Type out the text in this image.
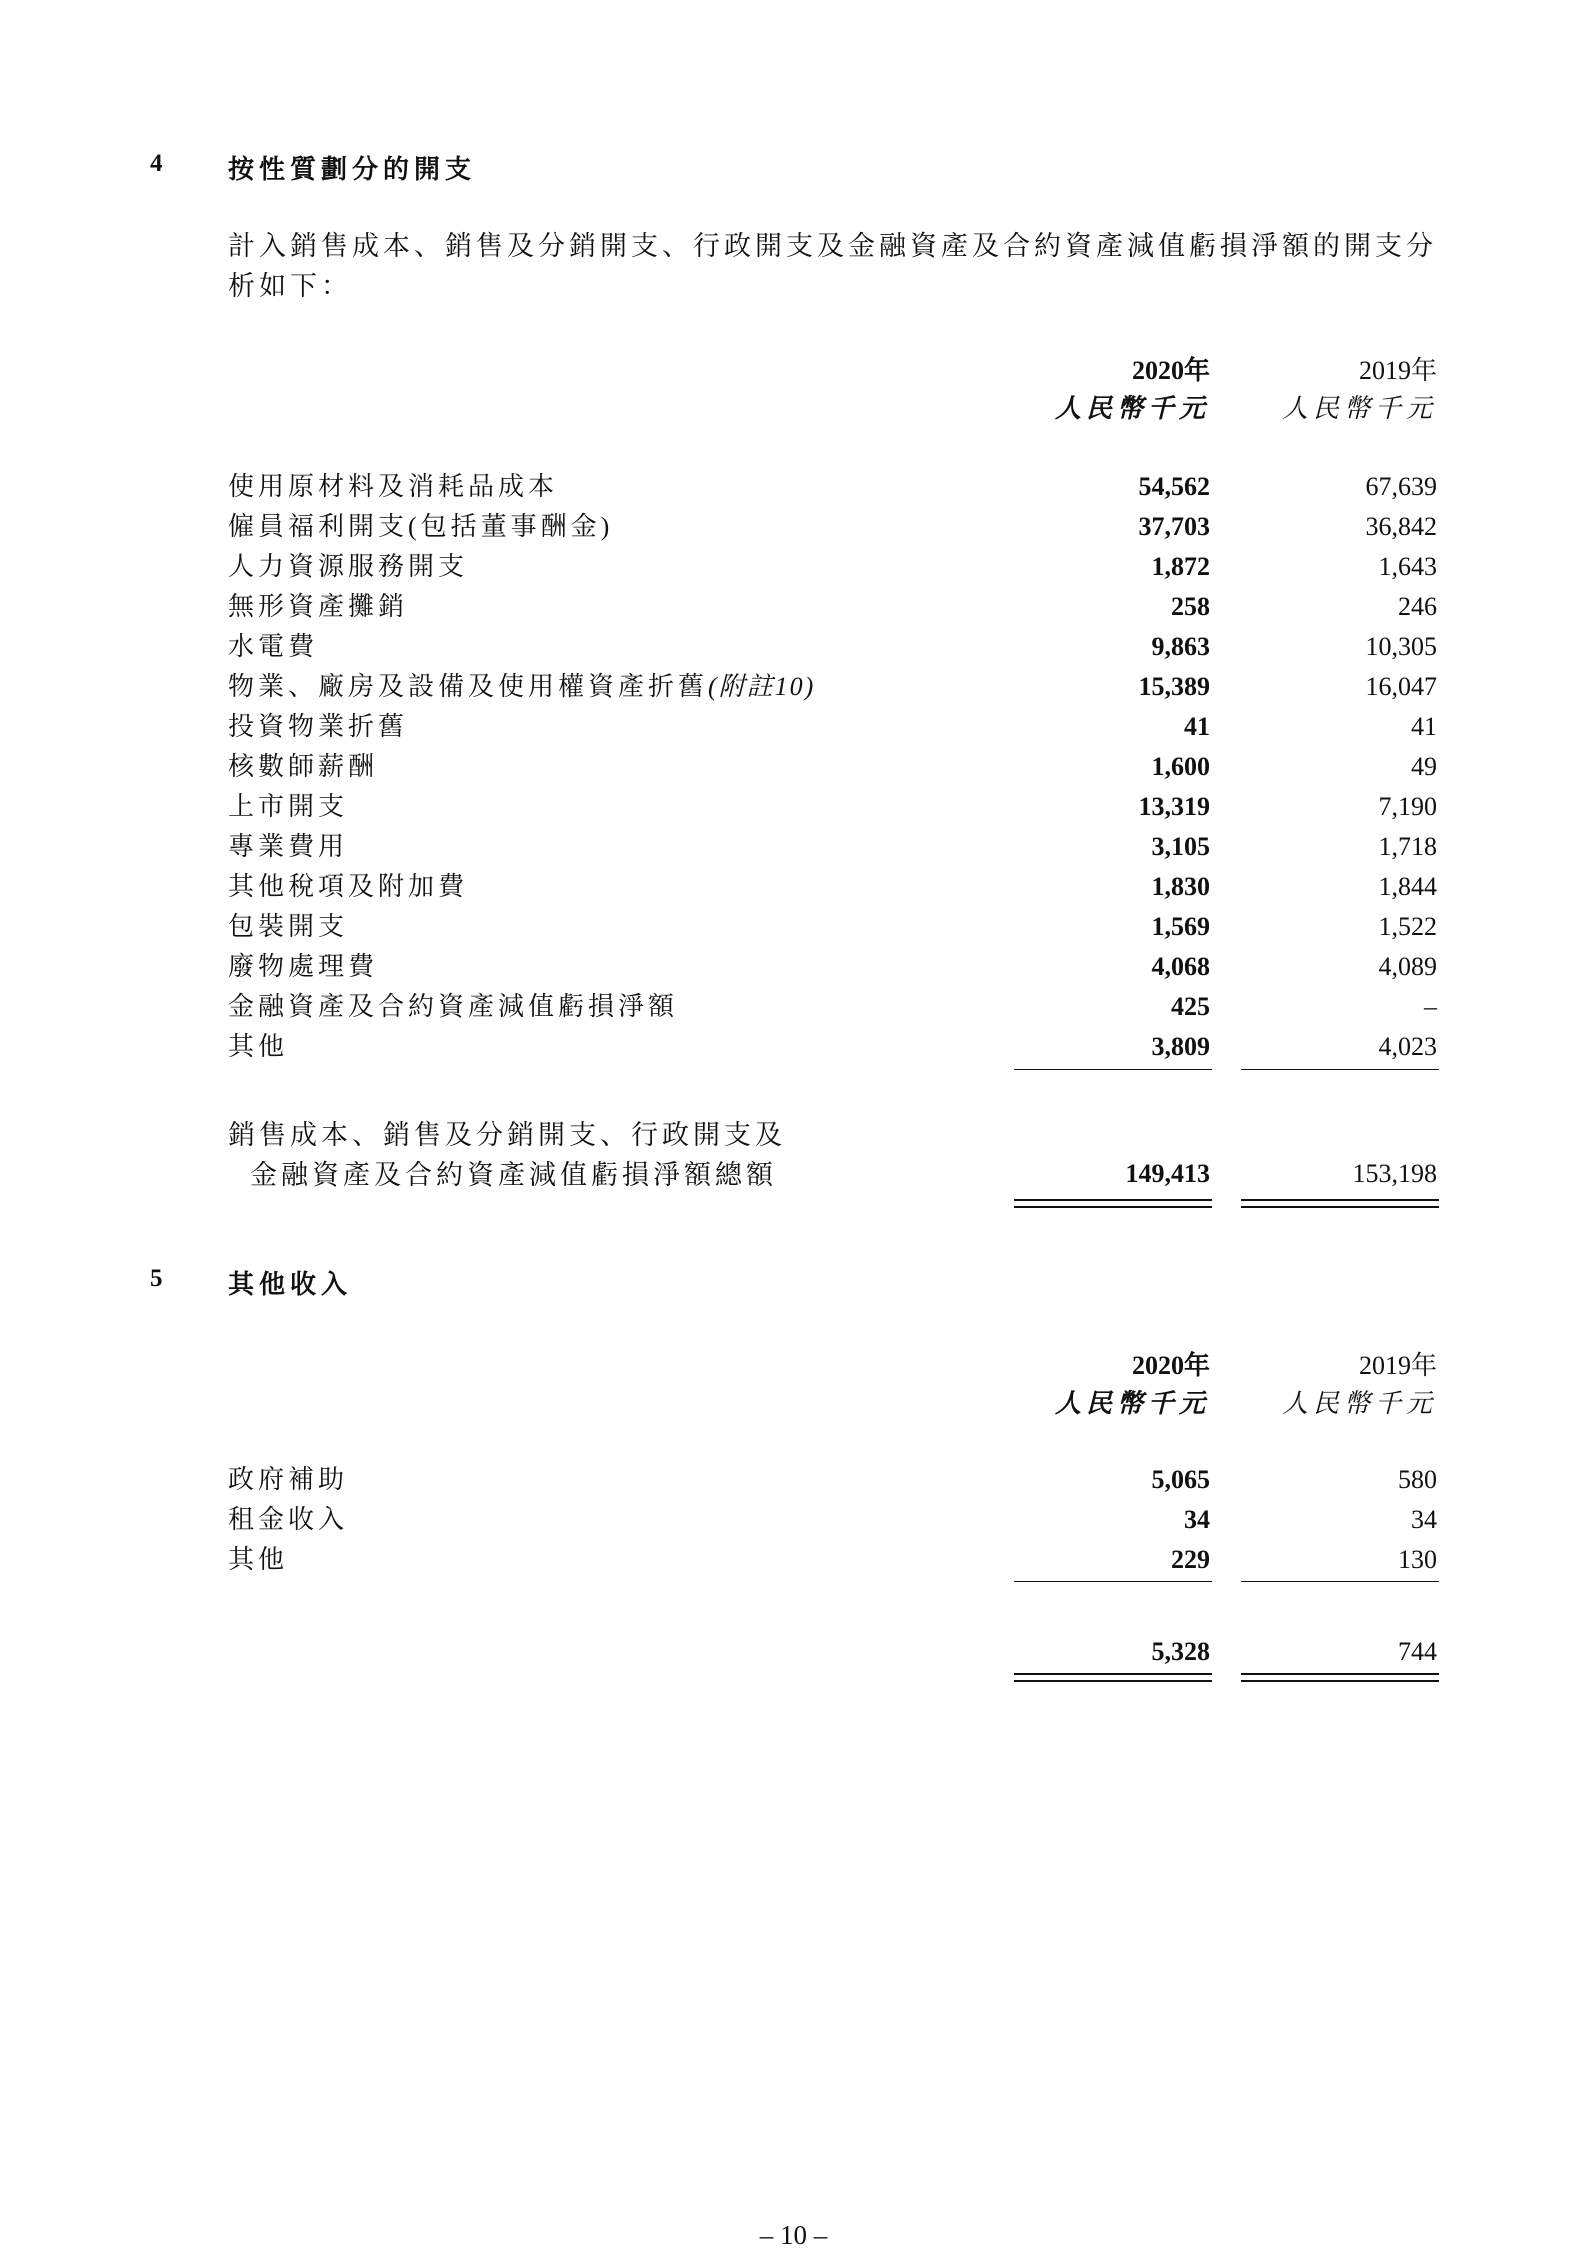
4	按性質劃分的開支
計入銷售成本、銷售及分銷開支、行政開支及金融資產及合約資產減值虧損淨額的開支分析如下：
2020年	2019年
人民幣千元	人民幣千元
使用原材料及消耗品成本	54,562	67,639
僱員福利開支(包括董事酬金)	37,703	36,842
人力資源服務開支	1,872	1,643
無形資產攤銷	258	246
水電費	9,863	10,305
物業、廠房及設備及使用權資產折舊(附註10)	15,389	16,047
投資物業折舊	41	41
核數師薪酬	1,600	49
上市開支	13,319	7,190
專業費用	3,105	1,718
其他稅項及附加費	1,830	1,844
包裝開支	1,569	1,522
廢物處理費	4,068	4,089
金融資產及合約資產減值虧損淨額	425	–
其他	3,809	4,023
銷售成本、銷售及分銷開支、行政開支及
金融資產及合約資產減值虧損淨額總額	149,413	153,198
5	其他收入
2020年	2019年
人民幣千元	人民幣千元
政府補助	5,065	580
租金收入	34	34
其他	229	130
5,328	744
– 10 –
